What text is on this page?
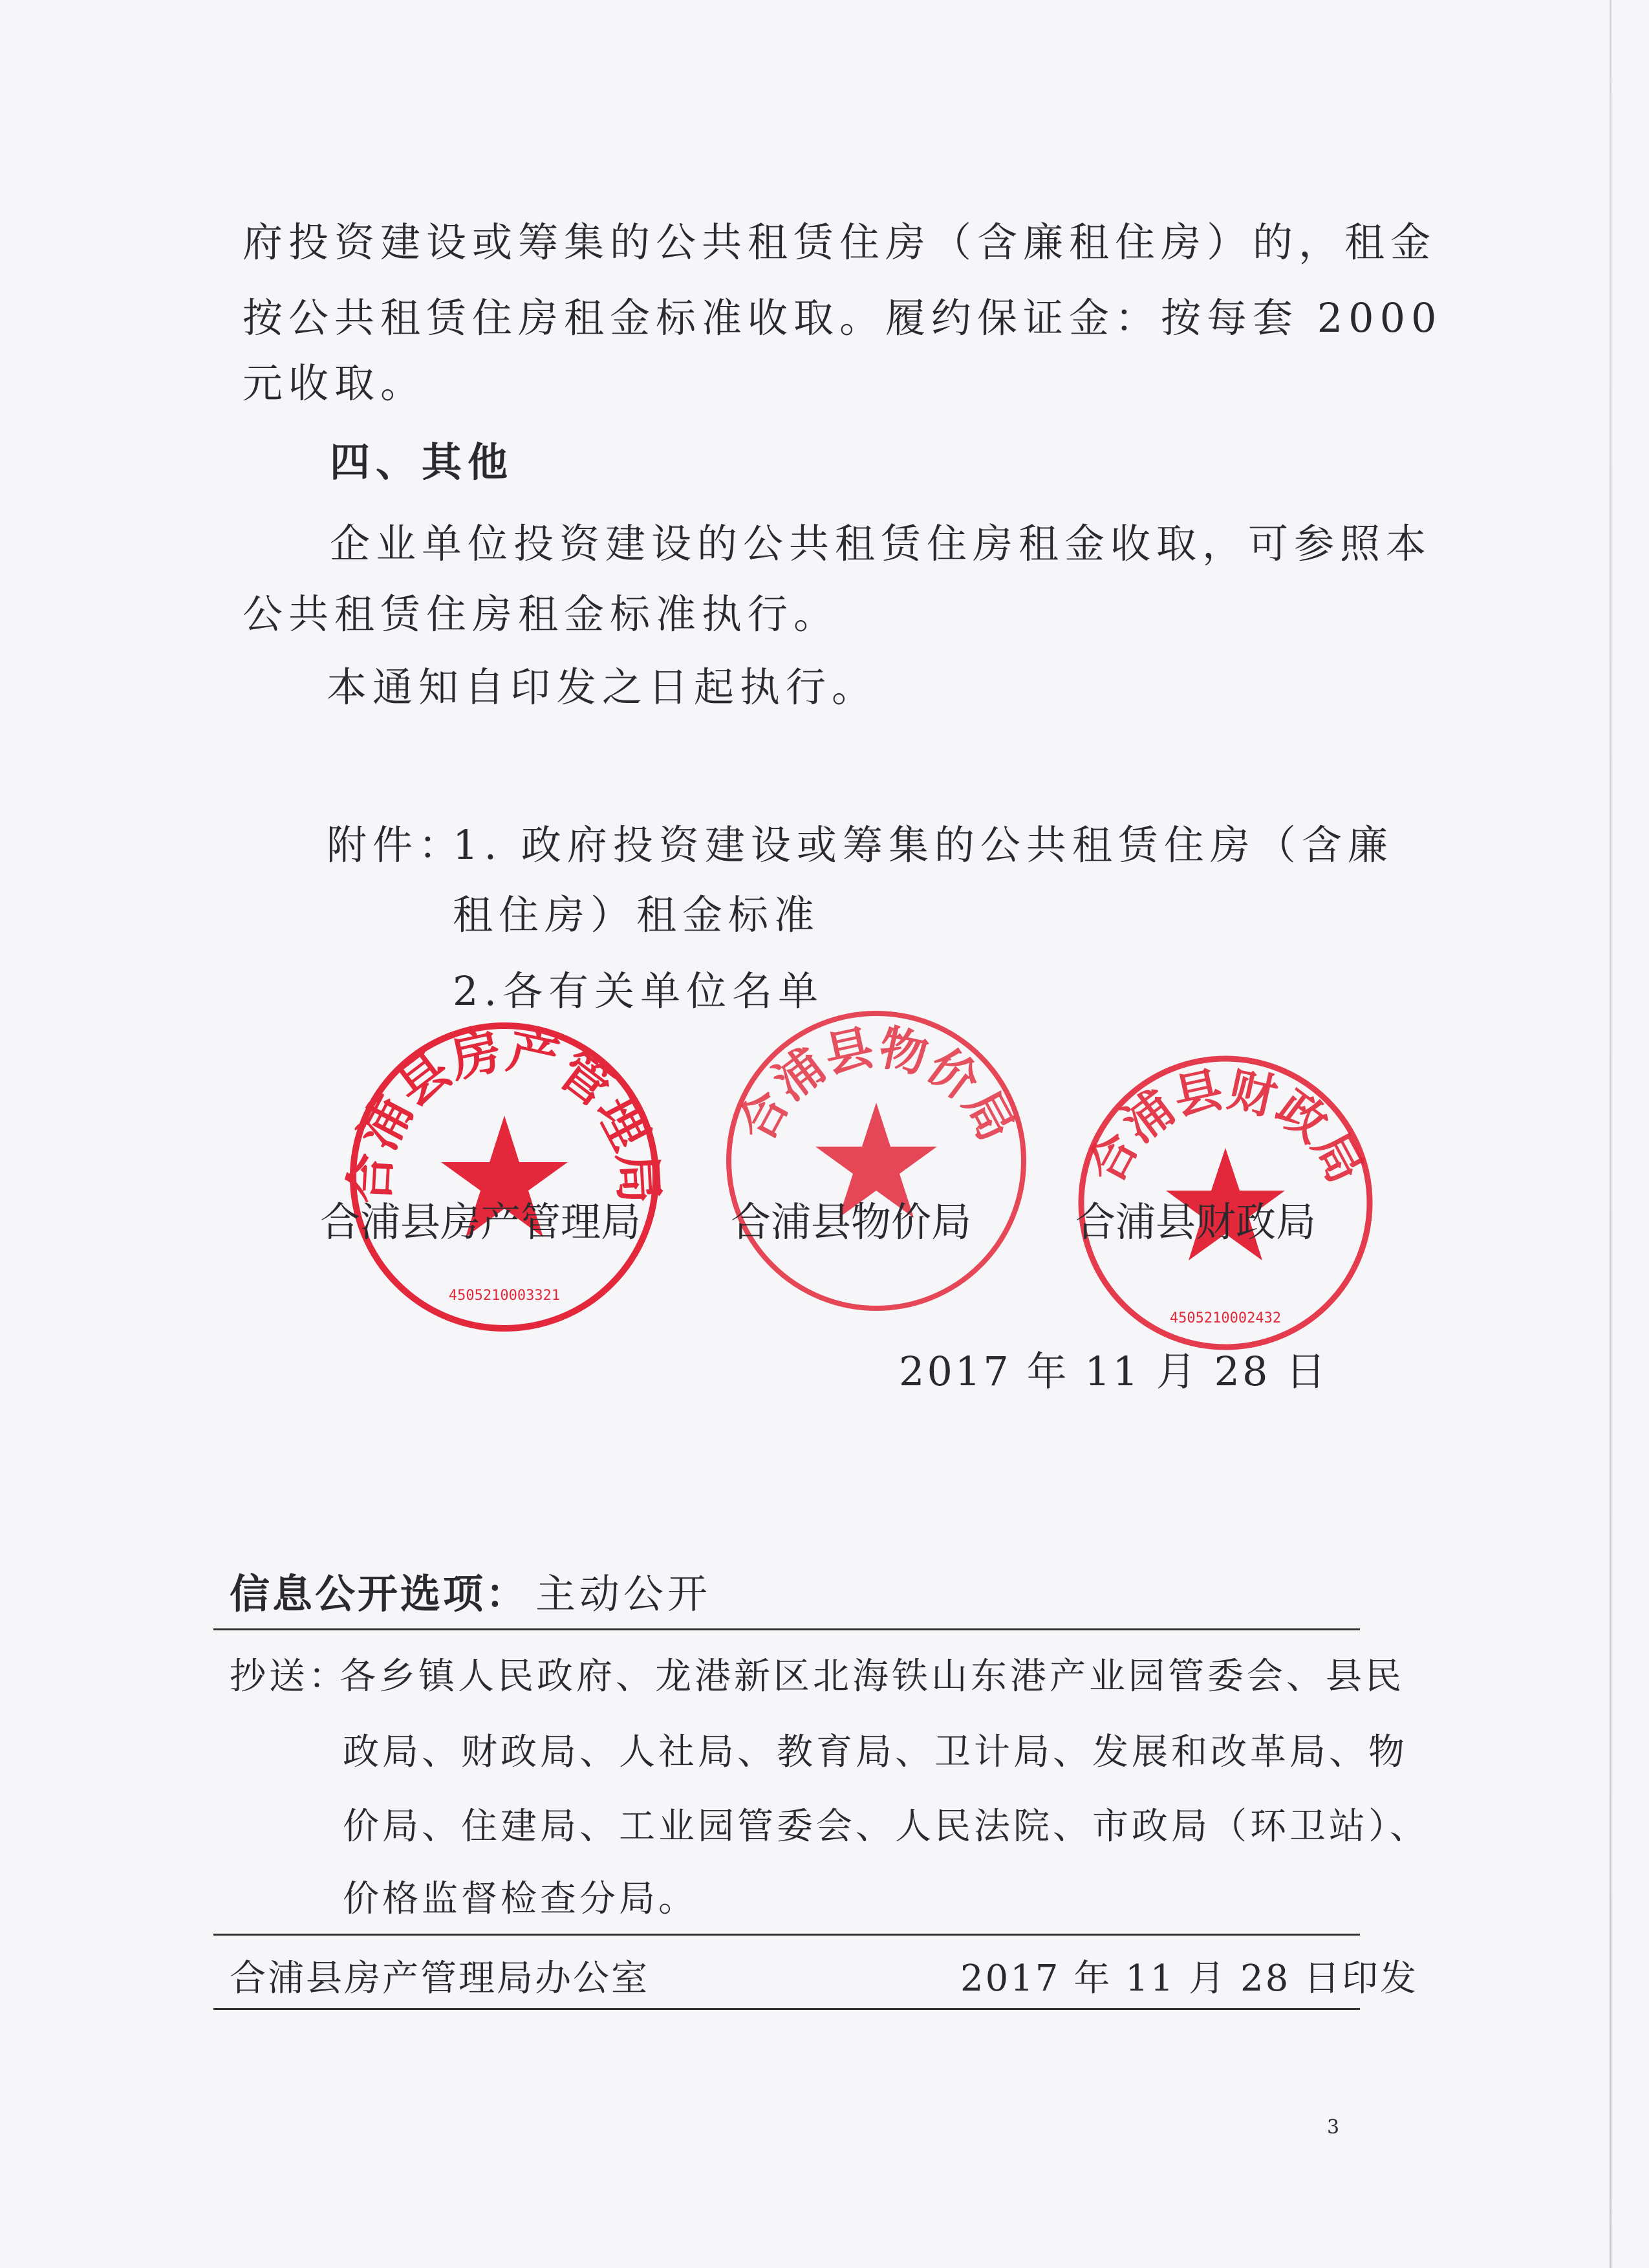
府投资建设或筹集的公共租赁住房（含廉租住房）的，租金
按公共租赁住房租金标准收取。履约保证金：按每套 2000
元收取。
四、其他
企业单位投资建设的公共租赁住房租金收取，可参照本
公共租赁住房租金标准执行。
本通知自印发之日起执行。
附件：
1. 政府投资建设或筹集的公共租赁住房（含廉
租住房）租金标准
2.各有关单位名单
合浦县房产管理局
4505210003321
合浦县物价局
合浦县财政局
4505210002432
合浦县房产管理局 合浦县物价局	合浦县财政局
2017 年 11 月 28 日
信息公开选项： 主动公开
抄送：
各乡镇人民政府、龙港新区北海铁山东港产业园管委会、县民
政局、财政局、人社局、教育局、卫计局、发展和改革局、物
价局、住建局、工业园管委会、人民法院、市政局（环卫站）、
价格监督检查分局。
合浦县房产管理局办公室	2017 年 11 月 28 日印发
3
